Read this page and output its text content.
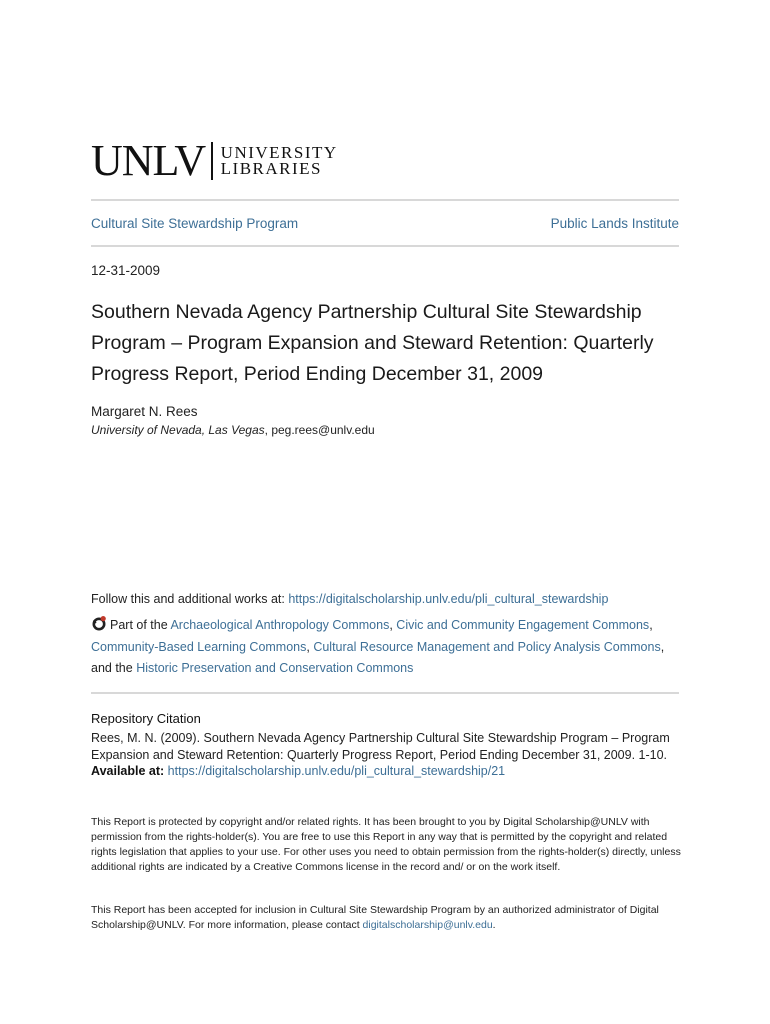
UNLV UNIVERSITY
LIBRARIES
Cultural Site Stewardship Program	Public Lands Institute
12-31-2009
Southern Nevada Agency Partnership Cultural Site Stewardship Program – Program Expansion and Steward Retention: Quarterly Progress Report, Period Ending December 31, 2009
Margaret N. Rees
University of Nevada, Las Vegas, peg.rees@unlv.edu
Follow this and additional works at: https://digitalscholarship.unlv.edu/pli_cultural_stewardship
Part of the Archaeological Anthropology Commons, Civic and Community Engagement Commons,
Community-Based Learning Commons, Cultural Resource Management and Policy Analysis Commons,
and the Historic Preservation and Conservation Commons
Repository Citation
Rees, M. N. (2009). Southern Nevada Agency Partnership Cultural Site Stewardship Program – Program Expansion and Steward Retention: Quarterly Progress Report, Period Ending December 31, 2009. 1-10.
Available at: https://digitalscholarship.unlv.edu/pli_cultural_stewardship/21

This Report is protected by copyright and/or related rights. It has been brought to you by Digital Scholarship@UNLV with permission from the rights-holder(s). You are free to use this Report in any way that is permitted by the copyright and related rights legislation that applies to your use. For other uses you need to obtain permission from the rights-holder(s) directly, unless additional rights are indicated by a Creative Commons license in the record and/ or on the work itself.

This Report has been accepted for inclusion in Cultural Site Stewardship Program by an authorized administrator of Digital Scholarship@UNLV. For more information, please contact digitalscholarship@unlv.edu.
